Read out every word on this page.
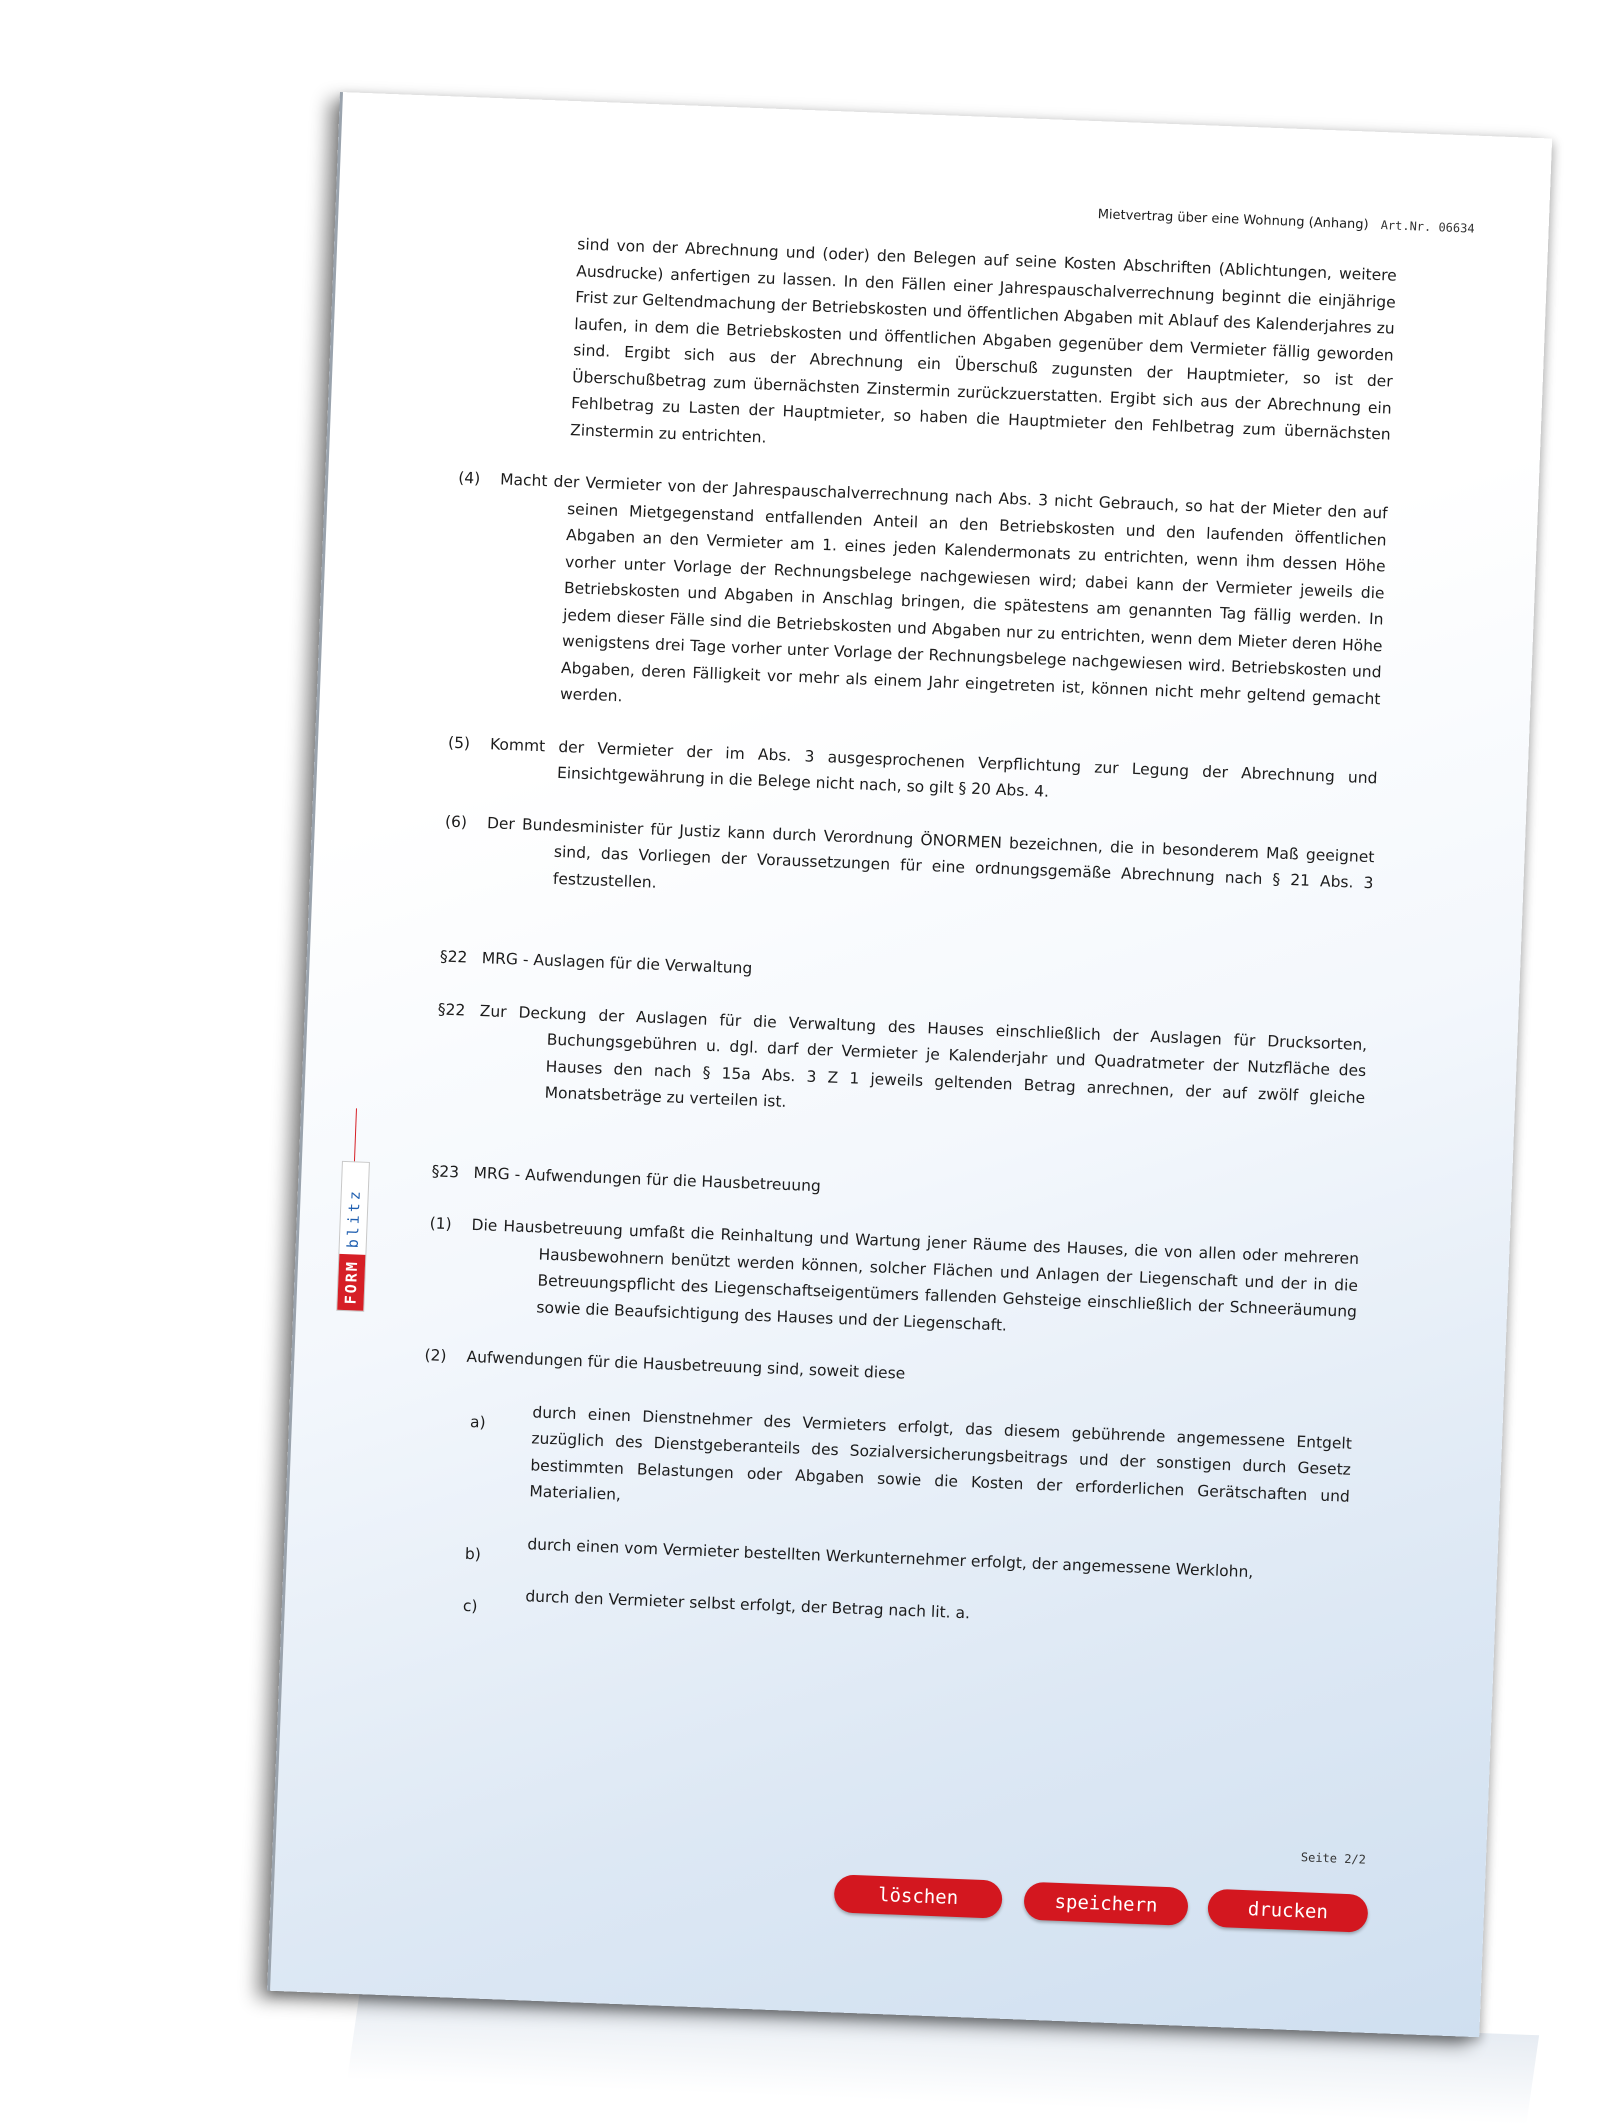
Mietvertrag über eine Wohnung (Anhang) Art.Nr. 06634
FORM
blitz

sind von der Abrechnung und (oder) den Belegen auf seine Kosten Abschriften (Ablichtungen, weitere Ausdrucke) anfertigen zu lassen. In den Fällen einer Jahrespauschalverrechnung beginnt die einjährige Frist zur Geltendmachung der Betriebskosten und öffentlichen Abgaben mit Ablauf des Kalenderjahres zu laufen, in dem die Betriebskosten und öffentlichen Abgaben gegenüber dem Vermieter fällig geworden sind. Ergibt sich aus der Abrechnung ein Überschuß zugunsten der Hauptmieter, so ist der Überschußbetrag zum übernächsten Zinstermin zurückzuerstatten. Ergibt sich aus der Abrechnung ein Fehlbetrag zu Lasten der Hauptmieter, so haben die Hauptmieter den Fehlbetrag zum übernächsten Zinstermin zu entrichten.

(4)	Macht der Vermieter von der Jahrespauschalverrechnung nach Abs. 3 nicht Gebrauch, so hat der Mieter den auf seinen Mietgegenstand entfallenden Anteil an den Betriebskosten und den laufenden öffentlichen Abgaben an den Vermieter am 1. eines jeden Kalendermonats zu entrichten, wenn ihm dessen Höhe vorher unter Vorlage der Rechnungsbelege nachgewiesen wird; dabei kann der Vermieter jeweils die Betriebskosten und Abgaben in Anschlag bringen, die spätestens am genannten Tag fällig werden. In jedem dieser Fälle sind die Betriebskosten und Abgaben nur zu entrichten, wenn dem Mieter deren Höhe wenigstens drei Tage vorher unter Vorlage der Rechnungsbelege nachgewiesen wird. Betriebskosten und Abgaben, deren Fälligkeit vor mehr als einem Jahr eingetreten ist, können nicht mehr geltend gemacht werden.
(5)	Kommt der Vermieter der im Abs. 3 ausgesprochenen Verpflichtung zur Legung der Abrechnung und Einsichtgewährung in die Belege nicht nach, so gilt § 20 Abs. 4.
(6)	Der Bundesminister für Justiz kann durch Verordnung ÖNORMEN bezeichnen, die in besonderem Maß geeignet sind, das Vorliegen der Voraussetzungen für eine ordnungsgemäße Abrechnung nach § 21 Abs. 3 festzustellen.
§22 MRG - Auslagen für die Verwaltung
§22 Zur Deckung der Auslagen für die Verwaltung des Hauses einschließlich der Auslagen für Drucksorten, Buchungsgebühren u. dgl. darf der Vermieter je Kalenderjahr und Quadratmeter der Nutzfläche des Hauses den nach § 15a Abs. 3 Z 1 jeweils geltenden Betrag anrechnen, der auf zwölf gleiche Monatsbeträge zu verteilen ist.
§23 MRG - Aufwendungen für die Hausbetreuung
(1)	Die Hausbetreuung umfaßt die Reinhaltung und Wartung jener Räume des Hauses, die von allen oder mehreren Hausbewohnern benützt werden können, solcher Flächen und Anlagen der Liegenschaft und der in die Betreuungspflicht des Liegenschaftseigentümers fallenden Gehsteige einschließlich der Schneeräumung sowie die Beaufsichtigung des Hauses und der Liegenschaft.
(2)	Aufwendungen für die Hausbetreuung sind, soweit diese
a)	durch einen Dienstnehmer des Vermieters erfolgt, das diesem gebührende angemessene Entgelt zuzüglich des Dienstgeberanteils des Sozialversicherungsbeitrags und der sonstigen durch Gesetz bestimmten Belastungen oder Abgaben sowie die Kosten der erforderlichen Gerätschaften und Materialien,
b)	durch einen vom Vermieter bestellten Werkunternehmer erfolgt, der angemessene Werklohn,
c)	durch den Vermieter selbst erfolgt, der Betrag nach lit. a.
Seite 2/2
löschen	speichern	drucken
